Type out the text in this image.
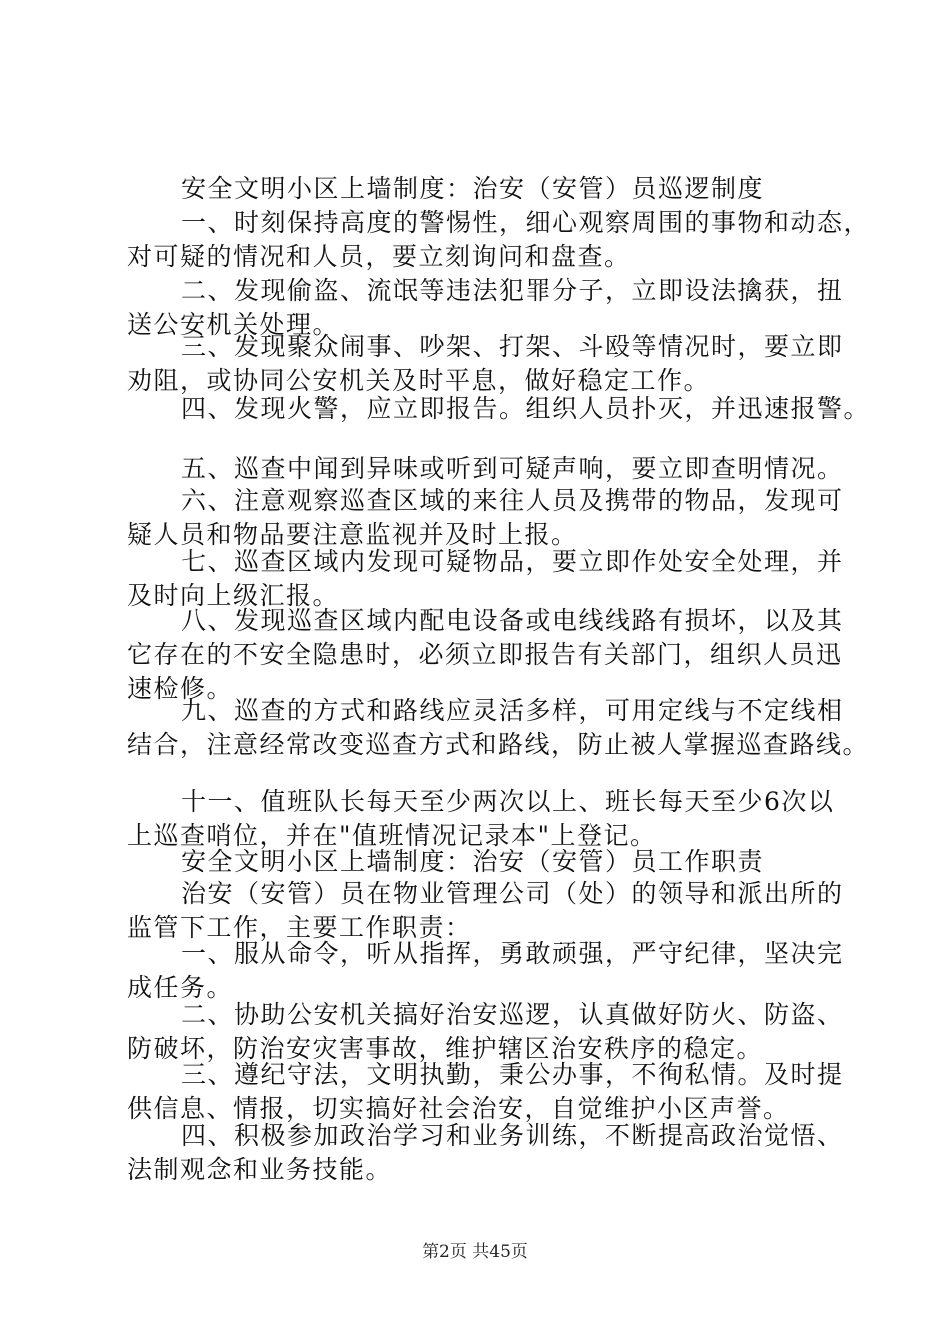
安全文明小区上墙制度：治安（安管）员巡逻制度

一、时刻保持高度的警惕性，细心观察周围的事物和动态，
对可疑的情况和人员，要立刻询问和盘查。

二、发现偷盗、流氓等违法犯罪分子，立即设法擒获，扭
送公安机关处理。

三、发现聚众闹事、吵架、打架、斗殴等情况时，要立即
劝阻，或协同公安机关及时平息，做好稳定工作。

四、发现火警，应立即报告。组织人员扑灭，并迅速报警。

五、巡查中闻到异味或听到可疑声响，要立即查明情况。

六、注意观察巡查区域的来往人员及携带的物品，发现可
疑人员和物品要注意监视并及时上报。

七、巡查区域内发现可疑物品，要立即作处安全处理，并
及时向上级汇报。

八、发现巡查区域内配电设备或电线线路有损坏，以及其
它存在的不安全隐患时，必须立即报告有关部门，组织人员迅
速检修。

九、巡查的方式和路线应灵活多样，可用定线与不定线相
结合，注意经常改变巡查方式和路线，防止被人掌握巡查路线。

十一、值班队长每天至少两次以上、班长每天至少6次以
上巡查哨位，并在"值班情况记录本"上登记。

安全文明小区上墙制度：治安（安管）员工作职责

治安（安管）员在物业管理公司（处）的领导和派出所的
监管下工作，主要工作职责：

一、服从命令，听从指挥，勇敢顽强，严守纪律，坚决完
成任务。

二、协助公安机关搞好治安巡逻，认真做好防火、防盗、
防破坏，防治安灾害事故，维护辖区治安秩序的稳定。

三、遵纪守法，文明执勤，秉公办事，不徇私情。及时提
供信息、情报，切实搞好社会治安，自觉维护小区声誉。

四、积极参加政治学习和业务训练，不断提高政治觉悟、
法制观念和业务技能。

第2页 共45页
